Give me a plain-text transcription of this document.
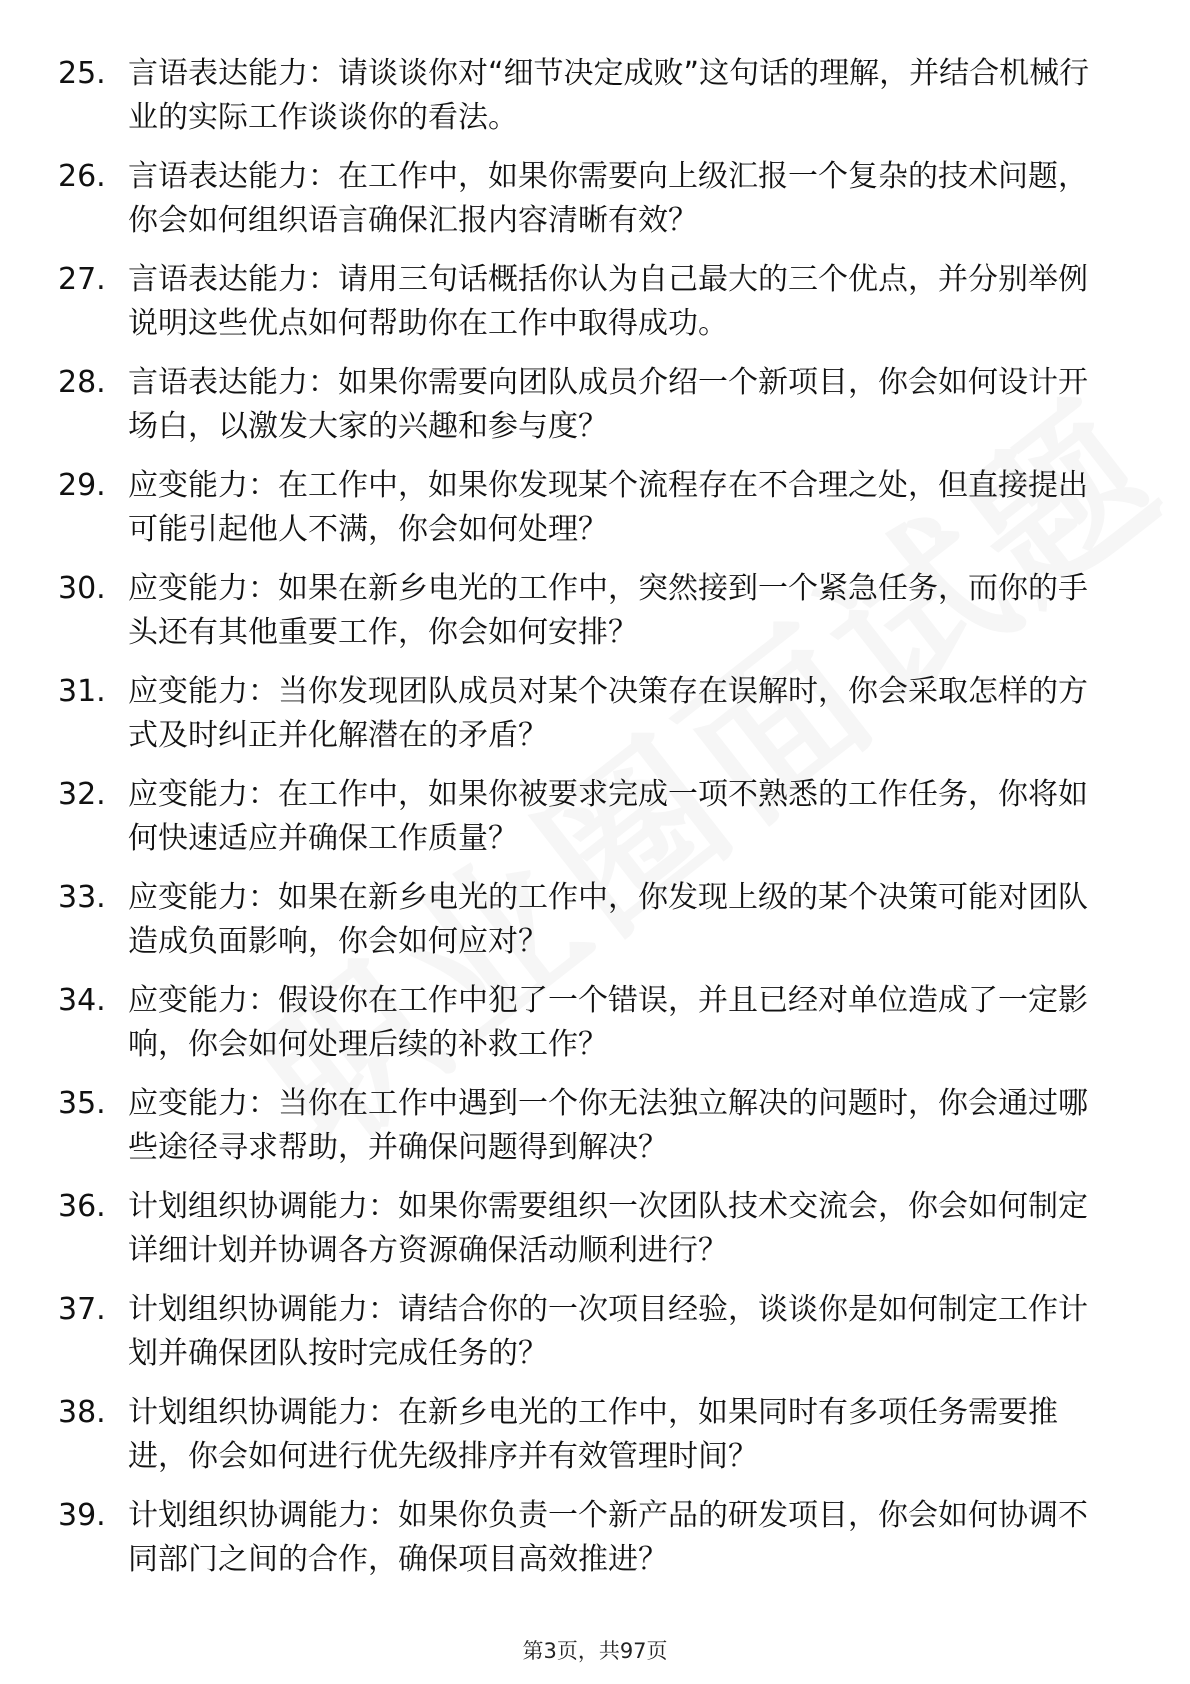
25. 言语表达能力：请谈谈你对“细节决定成败”这句话的理解，并结合机械行业的实际工作谈谈你的看法。
26. 言语表达能力：在工作中，如果你需要向上级汇报一个复杂的技术问题，你会如何组织语言确保汇报内容清晰有效？
27. 言语表达能力：请用三句话概括你认为自己最大的三个优点，并分别举例说明这些优点如何帮助你在工作中取得成功。
28. 言语表达能力：如果你需要向团队成员介绍一个新项目，你会如何设计开场白，以激发大家的兴趣和参与度？
29. 应变能力：在工作中，如果你发现某个流程存在不合理之处，但直接提出可能引起他人不满，你会如何处理？
30. 应变能力：如果在新乡电光的工作中，突然接到一个紧急任务，而你的手头还有其他重要工作，你会如何安排？
31. 应变能力：当你发现团队成员对某个决策存在误解时，你会采取怎样的方式及时纠正并化解潜在的矛盾？
32. 应变能力：在工作中，如果你被要求完成一项不熟悉的工作任务，你将如何快速适应并确保工作质量？
33. 应变能力：如果在新乡电光的工作中，你发现上级的某个决策可能对团队造成负面影响，你会如何应对？
34. 应变能力：假设你在工作中犯了一个错误，并且已经对单位造成了一定影响，你会如何处理后续的补救工作？
35. 应变能力：当你在工作中遇到一个你无法独立解决的问题时，你会通过哪些途径寻求帮助，并确保问题得到解决？
36. 计划组织协调能力：如果你需要组织一次团队技术交流会，你会如何制定详细计划并协调各方资源确保活动顺利进行？
37. 计划组织协调能力：请结合你的一次项目经验，谈谈你是如何制定工作计划并确保团队按时完成任务的？
38. 计划组织协调能力：在新乡电光的工作中，如果同时有多项任务需要推进，你会如何进行优先级排序并有效管理时间？
39. 计划组织协调能力：如果你负责一个新产品的研发项目，你会如何协调不同部门之间的合作，确保项目高效推进？
第3页，共97页
